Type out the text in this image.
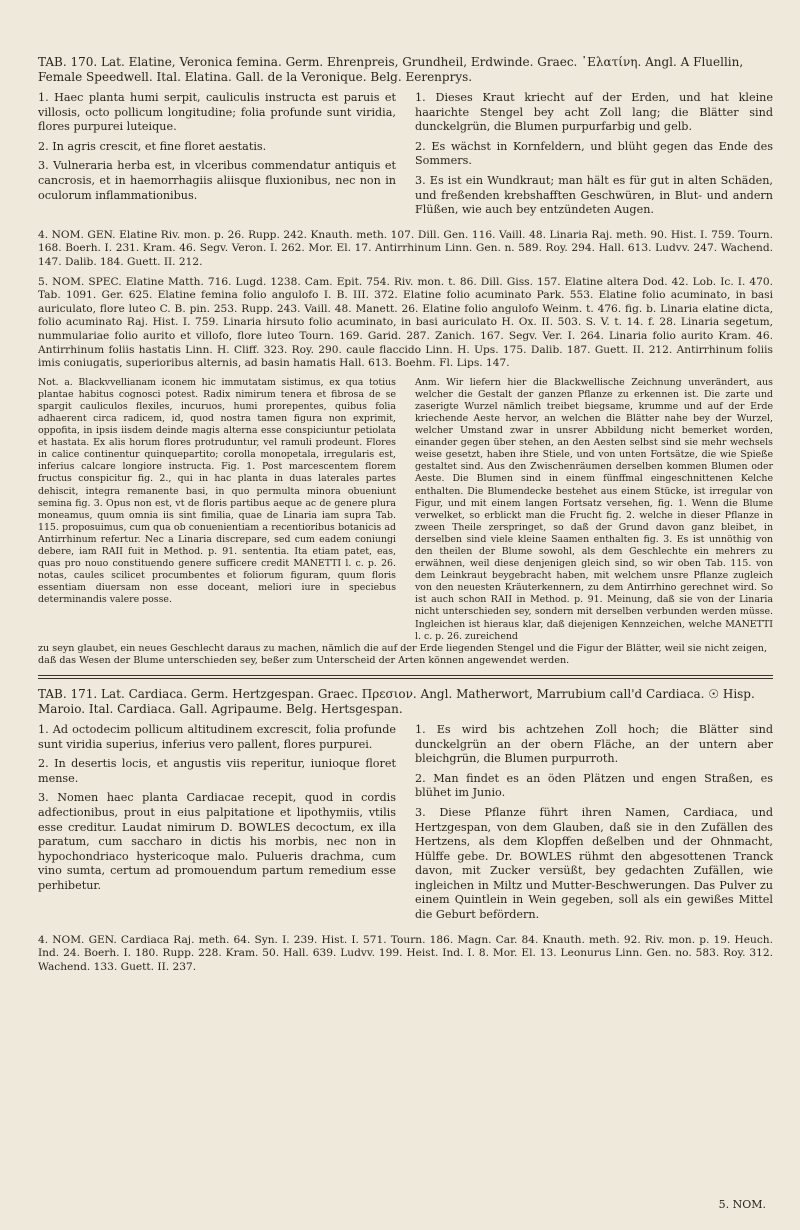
TAB. 170. Lat. Elatine, Veronica femina. Germ. Ehrenpreis, Grundheil, Erdwinde. Graec. ᾿Ελατίνη. Angl. A Fluellin, Female Speedwell. Ital. Elatina. Gall. de la Veronique. Belg. Eerenprys.

1. Haec planta humi serpit, cauliculis instructa est paruis et villosis, octo pollicum longitudine; folia profunde sunt viridia, flores purpurei luteique.

2. In agris crescit, et fine floret aestatis.

3. Vulneraria herba est, in vlceribus commendatur antiquis et cancrosis, et in haemorrhagiis aliisque fluxionibus, nec non in oculorum inflammationibus.

1. Dieses Kraut kriecht auf der Erden, und hat kleine haarichte Stengel bey acht Zoll lang; die Blätter sind dunckelgrün, die Blumen purpurfarbig und gelb.

2. Es wächst in Kornfeldern, und blüht gegen das Ende des Sommers.

3. Es ist ein Wundkraut; man hält es für gut in alten Schäden, und freßenden krebshafften Geschwüren, in Blut- und andern Flüßen, wie auch bey entzündeten Augen.

4. NOM. GEN. Elatine Riv. mon. p. 26. Rupp. 242. Knauth. meth. 107. Dill. Gen. 116. Vaill. 48. Linaria Raj. meth. 90. Hist. I. 759. Tourn. 168. Boerh. I. 231. Kram. 46. Segv. Veron. I. 262. Mor. El. 17. Antirrhinum Linn. Gen. n. 589. Roy. 294. Hall. 613. Ludvv. 247. Wachend. 147. Dalib. 184. Guett. II. 212.
5. NOM. SPEC. Elatine Matth. 716. Lugd. 1238. Cam. Epit. 754. Riv. mon. t. 86. Dill. Giss. 157. Elatine altera Dod. 42. Lob. Ic. I. 470. Tab. 1091. Ger. 625. Elatine femina folio angulofo I. B. III. 372. Elatine folio acuminato Park. 553. Elatine folio acuminato, in basi auriculato, flore luteo C. B. pin. 253. Rupp. 243. Vaill. 48. Manett. 26. Elatine folio angulofo Weinm. t. 476. fig. b. Linaria elatine dicta, folio acuminato Raj. Hist. I. 759. Linaria hirsuto folio acuminato, in basi auriculato H. Ox. II. 503. S. V. t. 14. f. 28. Linaria segetum, nummulariae folio aurito et villofo, flore luteo Tourn. 169. Garid. 287. Zanich. 167. Segv. Ver. I. 264. Linaria folio aurito Kram. 46. Antirrhinum foliis hastatis Linn. H. Cliff. 323. Roy. 290. caule flaccido Linn. H. Ups. 175. Dalib. 187. Guett. II. 212. Antirrhinum foliis imis coniugatis, superioribus alternis, ad basin hamatis Hall. 613. Boehm. Fl. Lips. 147.
Not. a. Blackvvellianam iconem hic immutatam sistimus, ex qua totius plantae habitus cognosci potest. Radix nimirum tenera et fibrosa de se spargit cauliculos flexiles, incuruos, humi prorepentes, quibus folia adhaerent circa radicem, id, quod nostra tamen figura non exprimit, oppofita, in ipsis iisdem deinde magis alterna esse conspiciuntur petiolata et hastata. Ex alis horum flores protruduntur, vel ramuli prodeunt. Flores in calice continentur quinquepartito; corolla monopetala, irregularis est, inferius calcare longiore instructa. Fig. 1. Post marcescentem florem fructus conspicitur fig. 2., qui in hac planta in duas laterales partes dehiscit, integra remanente basi, in quo permulta minora obueniunt semina fig. 3. Opus non est, vt de floris partibus aeque ac de genere plura moneamus, quum omnia iis sint fimilia, quae de Linaria iam supra Tab. 115. proposuimus, cum qua ob conuenientiam a recentioribus botanicis ad Antirrhinum refertur. Nec a Linaria discrepare, sed cum eadem coniungi debere, iam RAII fuit in Method. p. 91. sententia. Ita etiam patet, eas, quas pro nouo constituendo genere sufficere credit MANETTI l. c. p. 26. notas, caules scilicet procumbentes et foliorum figuram, quum floris essentiam diuersam non esse doceant, meliori iure in speciebus determinandis valere posse.
Anm. Wir liefern hier die Blackwellische Zeichnung unverändert, aus welcher die Gestalt der ganzen Pflanze zu erkennen ist. Die zarte und zaserigte Wurzel nämlich treibet biegsame, krumme und auf der Erde kriechende Aeste hervor, an welchen die Blätter nahe bey der Wurzel, welcher Umstand zwar in unsrer Abbildung nicht bemerket worden, einander gegen über stehen, an den Aesten selbst sind sie mehr wechsels weise gesetzt, haben ihre Stiele, und von unten Fortsätze, die wie Spieße gestaltet sind. Aus den Zwischenräumen derselben kommen Blumen oder Aeste. Die Blumen sind in einem fünffmal eingeschnittenen Kelche enthalten. Die Blumendecke bestehet aus einem Stücke, ist irregular von Figur, und mit einem langen Fortsatz versehen, fig. 1. Wenn die Blume verwelket, so erblickt man die Frucht fig. 2. welche in dieser Pflanze in zween Theile zerspringet, so daß der Grund davon ganz bleibet, in derselben sind viele kleine Saamen enthalten fig. 3. Es ist unnöthig von den theilen der Blume sowohl, als dem Geschlechte ein mehrers zu erwähnen, weil diese denjenigen gleich sind, so wir oben Tab. 115. von dem Leinkraut beygebracht haben, mit welchem unsre Pflanze zugleich von den neuesten Kräuterkennern, zu dem Antirrhino gerechnet wird. So ist auch schon RAII in Method. p. 91. Meinung, daß sie von der Linaria nicht unterschieden sey, sondern mit derselben verbunden werden müsse. Ingleichen ist hieraus klar, daß diejenigen Kennzeichen, welche MANETTI l. c. p. 26. zureichend

zu seyn glaubet, ein neues Geschlecht daraus zu machen, nämlich die auf der Erde liegenden Stengel und die Figur der Blätter, weil sie nicht zeigen, daß das Wesen der Blume unterschieden sey, beßer zum Unterscheid der Arten können angewendet werden.

TAB. 171. Lat. Cardiaca. Germ. Hertzgespan. Graec. Πρεσιον. Angl. Matherwort, Marrubium call'd Cardiaca. ☉ Hisp. Maroio. Ital. Cardiaca. Gall. Agripaume. Belg. Hertsgespan.

1. Ad octodecim pollicum altitudinem excrescit, folia profunde sunt viridia superius, inferius vero pallent, flores purpurei.

2. In desertis locis, et angustis viis reperitur, iunioque floret mense.

3. Nomen haec planta Cardiacae recepit, quod in cordis adfectionibus, prout in eius palpitatione et lipothymiis, vtilis esse creditur. Laudat nimirum D. BOWLES decoctum, ex illa paratum, cum saccharo in dictis his morbis, nec non in hypochondriaco hystericoque malo. Pulueris drachma, cum vino sumta, certum ad promouendum partum remedium esse perhibetur.

1. Es wird bis achtzehen Zoll hoch; die Blätter sind dunckelgrün an der obern Fläche, an der untern aber bleichgrün, die Blumen purpurroth.

2. Man findet es an öden Plätzen und engen Straßen, es blühet im Junio.

3. Diese Pflanze führt ihren Namen, Cardiaca, und Hertzgespan, von dem Glauben, daß sie in den Zufällen des Hertzens, als dem Klopffen deßelben und der Ohnmacht, Hülffe gebe. Dr. BOWLES rühmt den abgesottenen Tranck davon, mit Zucker versüßt, bey gedachten Zufällen, wie ingleichen in Miltz und Mutter-Beschwerungen. Das Pulver zu einem Quintlein in Wein gegeben, soll als ein gewißes Mittel die Geburt befördern.

4. NOM. GEN. Cardiaca Raj. meth. 64. Syn. I. 239. Hist. I. 571. Tourn. 186. Magn. Car. 84. Knauth. meth. 92. Riv. mon. p. 19. Heuch. Ind. 24. Boerh. I. 180. Rupp. 228. Kram. 50. Hall. 639. Ludvv. 199. Heist. Ind. I. 8. Mor. El. 13. Leonurus Linn. Gen. no. 583. Roy. 312. Wachend. 133. Guett. II. 237.
5. NOM.
